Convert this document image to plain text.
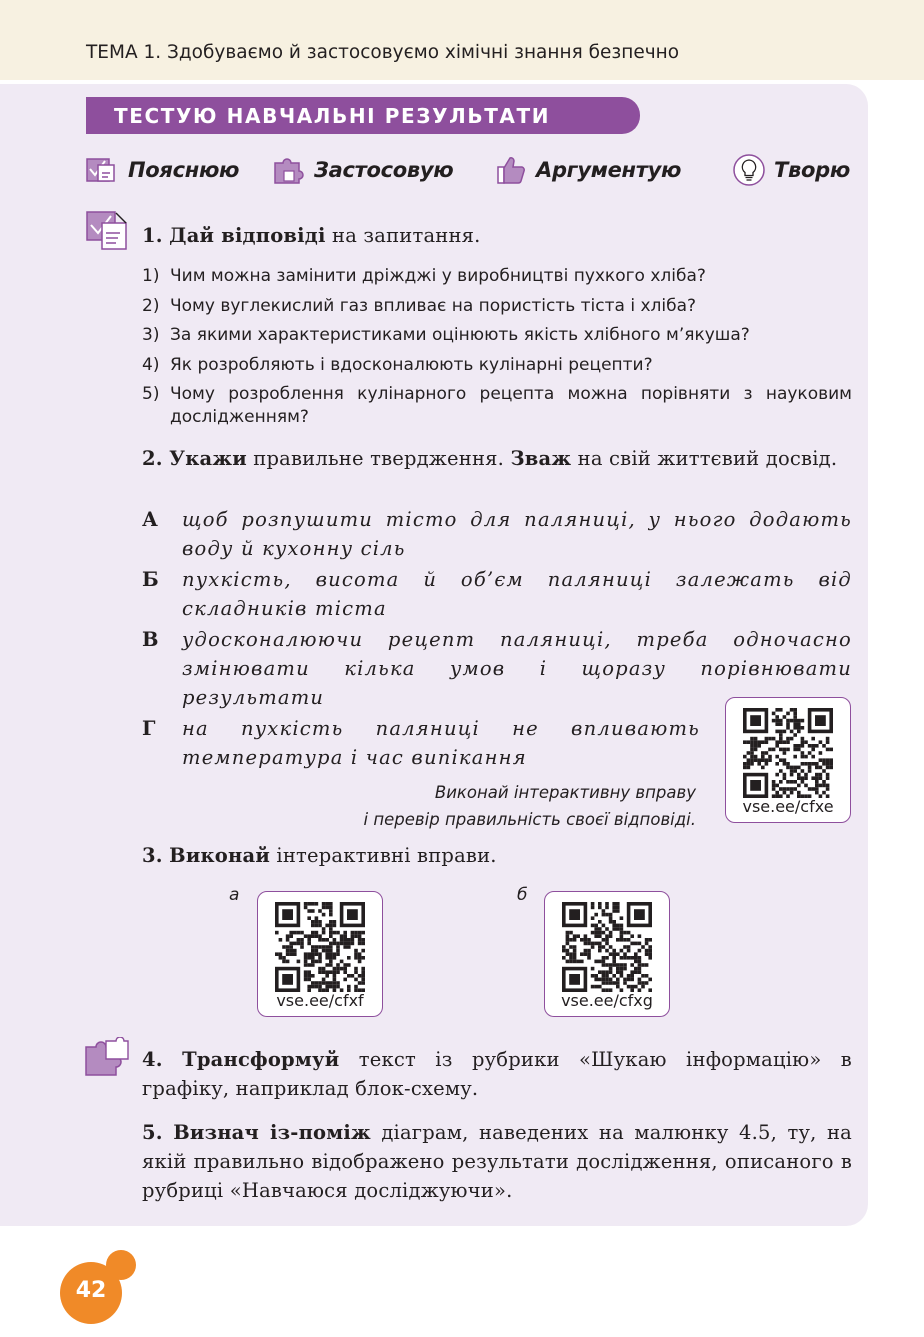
ТЕМА 1. Здобуваємо й застосовуємо хімічні знання безпечно
ТЕСТУЮ НАВЧАЛЬНІ РЕЗУЛЬТАТИ
Пояснюю	Застосовую	Аргументую	Творю
1. Дай відповіді на запитання.
1) Чим можна замінити дріжджі у виробництві пухкого хліба?
2) Чому вуглекислий газ впливає на пористість тіста і хліба?
3) За якими характеристиками оцінюють якість хлібного м’якуша?
4) Як розробляють і вдосконалюють кулінарні рецепти?
5) Чому розроблення кулінарного рецепта можна порівняти з науковим дослідженням?
2. Укажи правильне твердження. Зваж на свій життєвий досвід.
А	щоб розпушити тісто для паляниці, у нього додають воду й кухонну сіль
Б	пухкість, висота й об’єм паляниці залежать від складників тіста
В	удосконалюючи рецепт паляниці, треба одночасно змінювати кілька умов і щоразу порівнювати результати
Г	на пухкість паляниці не впливають температура і час випікання
Виконай інтерактивну вправу
і перевір правильність своєї відповіді.
vse.ee/cfxe
3. Виконай інтерактивні вправи.
а
vse.ee/cfxf
б
vse.ee/cfxg
4. Трансформуй текст із рубрики «Шукаю інформацію» в графіку, наприклад блок-схему.
5. Визнач із-поміж діаграм, наведених на малюнку 4.5, ту, на якій правильно відображено результати дослідження, описаного в рубриці «Навчаюся досліджуючи».
42
